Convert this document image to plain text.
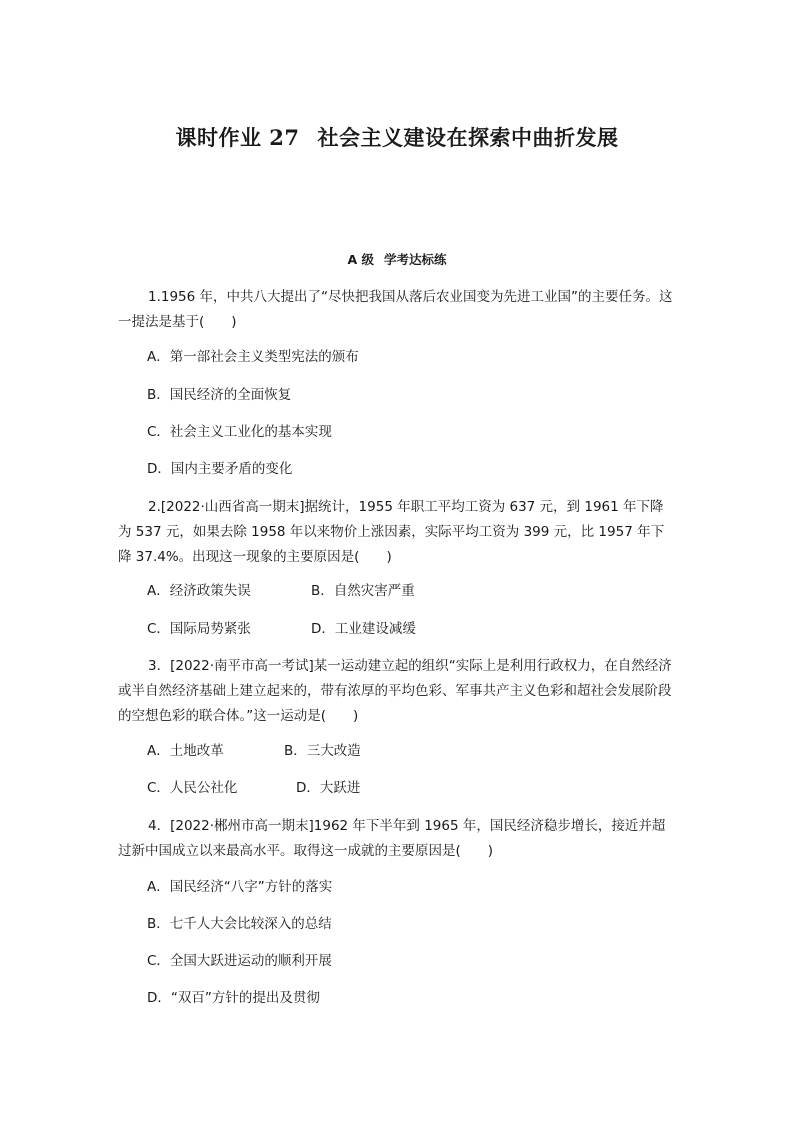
课时作业 27 社会主义建设在探索中曲折发展
A 级 学考达标练
1.1956 年，中共八大提出了“尽快把我国从落后农业国变为先进工业国”的主要任务。这一提法是基于(　　)
A．第一部社会主义类型宪法的颁布
B．国民经济的全面恢复
C．社会主义工业化的基本实现
D．国内主要矛盾的变化
2.[2022·山西省高一期末]据统计，1955 年职工平均工资为 637 元，到 1961 年下降为 537 元，如果去除 1958 年以来物价上涨因素，实际平均工资为 399 元，比 1957 年下降 37.4%。出现这一现象的主要原因是(　　)
A．经济政策失误	B．自然灾害严重
C．国际局势紧张	D．工业建设减缓
3．[2022·南平市高一考试]某一运动建立起的组织“实际上是利用行政权力，在自然经济或半自然经济基础上建立起来的，带有浓厚的平均色彩、军事共产主义色彩和超社会发展阶段的空想色彩的联合体。”这一运动是(　　)
A．土地改革	B．三大改造
C．人民公社化	D．大跃进
4．[2022·郴州市高一期末]1962 年下半年到 1965 年，国民经济稳步增长，接近并超过新中国成立以来最高水平。取得这一成就的主要原因是(　　)
A．国民经济“八字”方针的落实
B．七千人大会比较深入的总结
C．全国大跃进运动的顺利开展
D．“双百”方针的提出及贯彻
